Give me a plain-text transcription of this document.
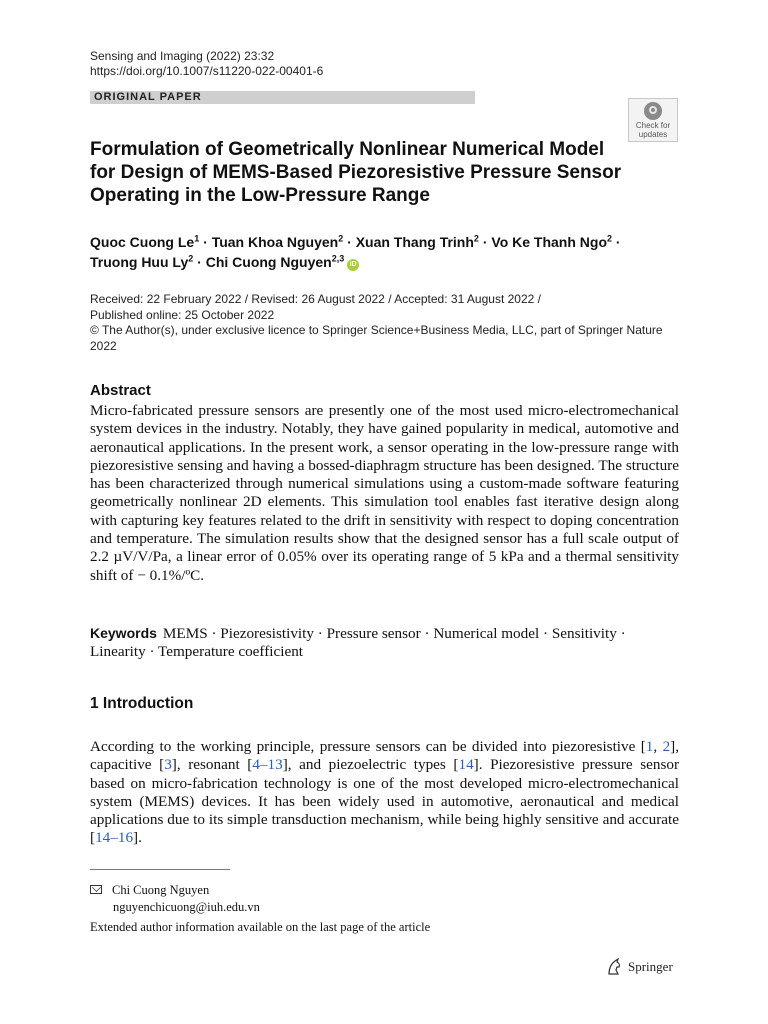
Sensing and Imaging (2022) 23:32
https://doi.org/10.1007/s11220-022-00401-6
ORIGINAL PAPER
Check for
updates
Formulation of Geometrically Nonlinear Numerical Model for Design of MEMS-Based Piezoresistive Pressure Sensor Operating in the Low-Pressure Range
Quoc Cuong $Le^1$ · Tuan Khoa Nguyen$^2$ · Xuan Thang Trinh$^2$ · Vo Ke Thanh Ngo$^2$ ·
Truong Huu $Ly^2$ · Chi Cuong Nguyen$^{2,3}$iD
Received: 22 February 2022 / Revised: 26 August 2022 / Accepted: 31 August 2022 /
Published online: 25 October 2022
© The Author(s), under exclusive licence to Springer Science+Business Media, LLC, part of Springer Nature 2022
Abstract
Micro-fabricated pressure sensors are presently one of the most used micro-electromechanical system devices in the industry. Notably, they have gained popularity in medical, automotive and aeronautical applications. In the present work, a sensor operating in the low-pressure range with piezoresistive sensing and having a bossed-diaphragm structure has been designed. The structure has been characterized through numerical simulations using a custom-made software featuring geometrically nonlinear 2D elements. This simulation tool enables fast iterative design along with capturing key features related to the drift in sensitivity with respect to doping concentration and temperature. The simulation results show that the designed sensor has a full scale output of 2.2 µV/V/Pa, a linear error of 0.05% over its operating range of 5 kPa and a thermal sensitivity shift of − 0.1%/ºC.
Keywords MEMS · Piezoresistivity · Pressure sensor · Numerical model · Sensitivity · Linearity · Temperature coefficient
1 Introduction
According to the working principle, pressure sensors can be divided into piezoresistive [1, 2], capacitive [3], resonant [4–13], and piezoelectric types [14]. Piezoresistive pressure sensor based on micro-fabrication technology is one of the most developed micro-electromechanical system (MEMS) devices. It has been widely used in automotive, aeronautical and medical applications due to its simple transduction mechanism, while being highly sensitive and accurate [14–16].
Chi Cuong Nguyen
nguyenchicuong@iuh.edu.vn
Extended author information available on the last page of the article
Springer
